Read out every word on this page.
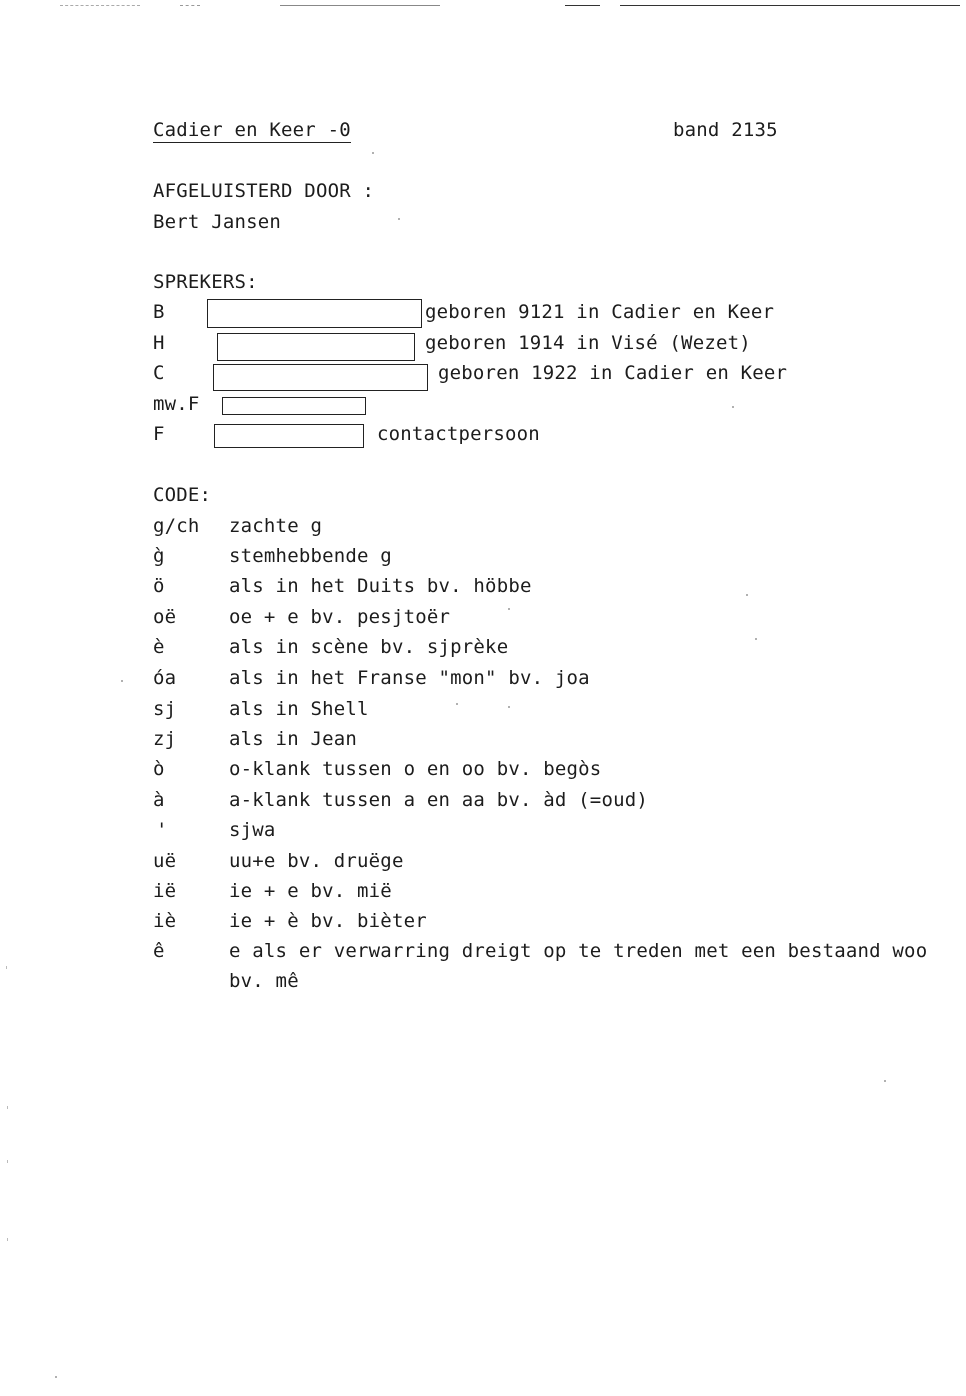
Cadier en Keer -0	band 2135
AFGELUISTERD DOOR :
Bert Jansen
SPREKERS:
B	geboren 9121 in Cadier en Keer
H	geboren 1914 in Visé (Wezet)
C	geboren 1922 in Cadier en Keer
mw.F
F	contactpersoon
CODE:
g/ch zachte g
g̀	stemhebbende g
ö	als in het Duits bv. höbbe
oë	oe + e bv. pesjtoër
è	als in scène bv. sjprèke
óa	als in het Franse "mon" bv. joa
sj	als in Shell
zj	als in Jean
ò	o-klank tussen o en oo bv. begòs
à	a-klank tussen a en aa bv. àd (=oud)
'	sjwa
uë	uu+e bv. druëge
ië	ie + e bv. mië
iè	ie + è bv. bièter
ê	e als er verwarring dreigt op te treden met een bestaand woo
bv. mê
